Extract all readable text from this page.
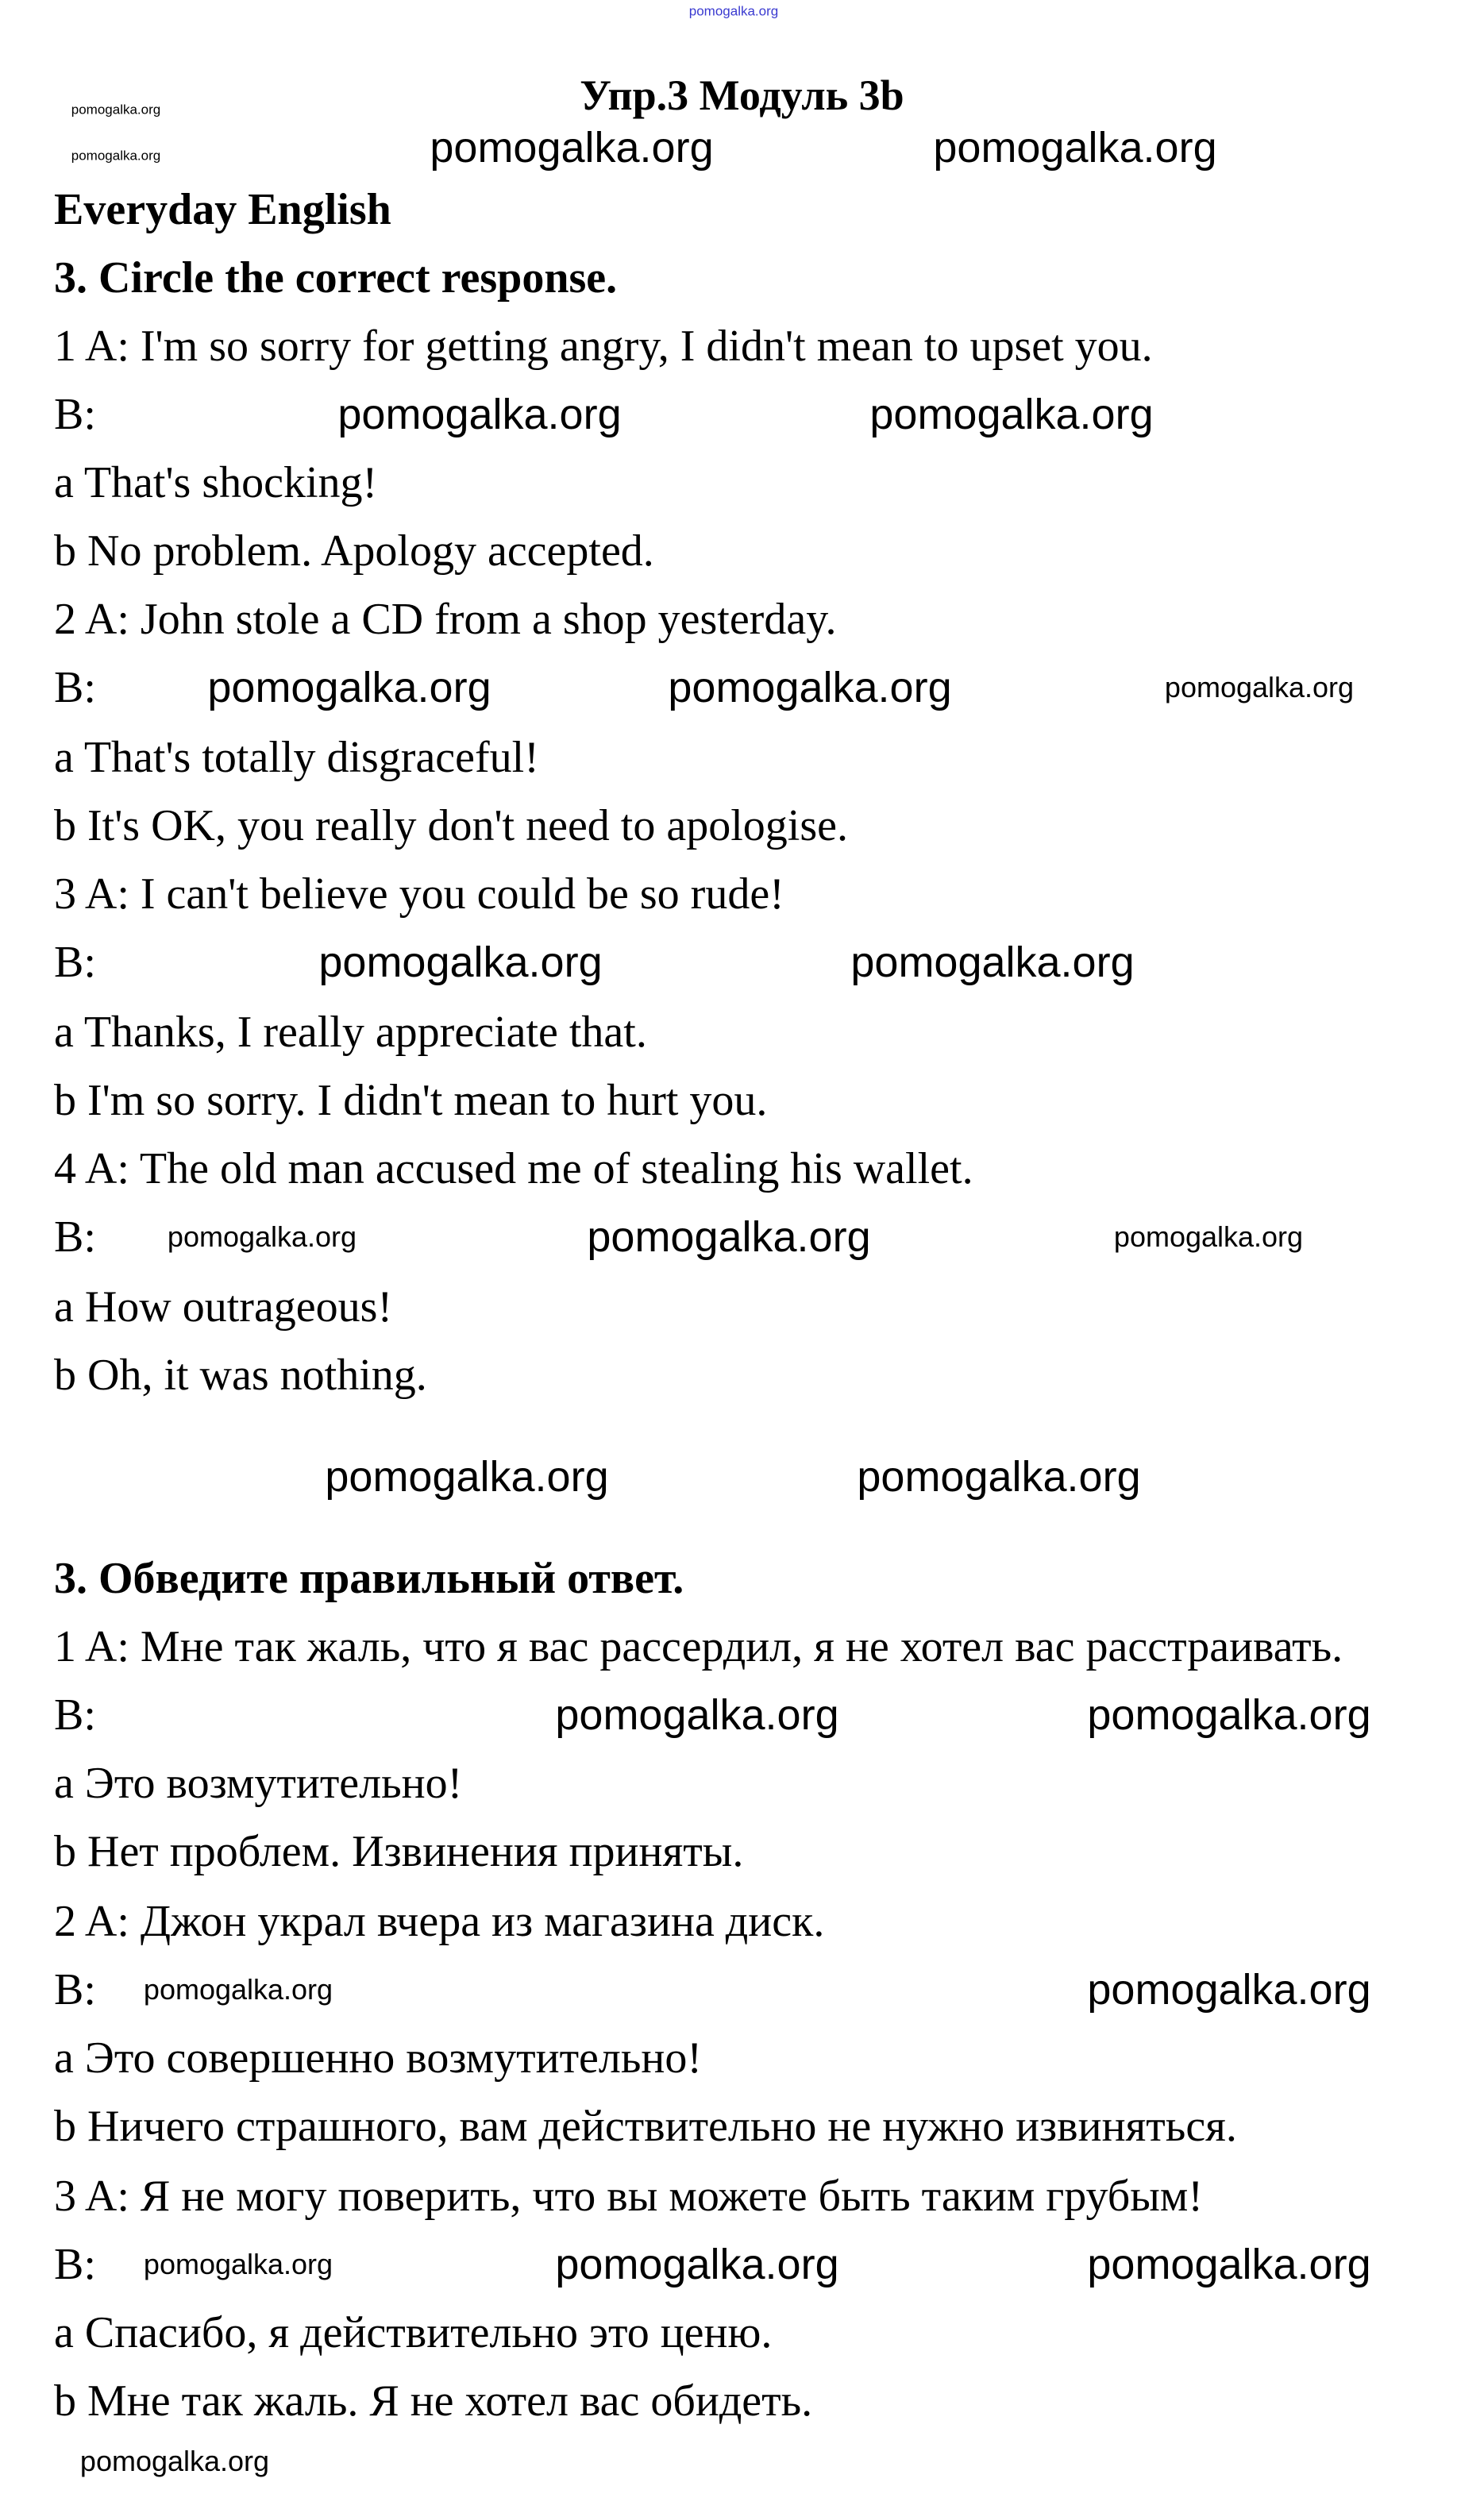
Упр.3 Модуль 3b
Everyday English
3. Circle the correct response.
3. Обведите правильный ответ.
1 A: I'm so sorry for getting angry, I didn't mean to upset you.
B:
a That's shocking!
b No problem. Apology accepted.
2 A: John stole a CD from a shop yesterday.
B:
a That's totally disgraceful!
b It's OK, you really don't need to apologise.
3 A: I can't believe you could be so rude!
B:
a Thanks, I really appreciate that.
b I'm so sorry. I didn't mean to hurt you.
4 A: The old man accused me of stealing his wallet.
B:
a How outrageous!
b Oh, it was nothing.
1 A: Мне так жаль, что я вас рассердил, я не хотел вас расстраивать.
B:
a Это возмутительно!
b Нет проблем. Извинения приняты.
2 A: Джон украл вчера из магазина диск.
B:
a Это совершенно возмутительно!
b Ничего страшного, вам действительно не нужно извиняться.
3 A: Я не могу поверить, что вы можете быть таким грубым!
B:
a Спасибо, я действительно это ценю.
b Мне так жаль. Я не хотел вас обидеть.
pomogalka.org
pomogalka.org
pomogalka.org	pomogalka.org	pomogalka.org
pomogalka.org	pomogalka.org
pomogalka.org	pomogalka.org	pomogalka.org
pomogalka.org	pomogalka.org
pomogalka.org	pomogalka.org	pomogalka.org
pomogalka.org	pomogalka.org
pomogalka.org	pomogalka.org
pomogalka.org	pomogalka.org
pomogalka.org	pomogalka.org	pomogalka.org
pomogalka.org
